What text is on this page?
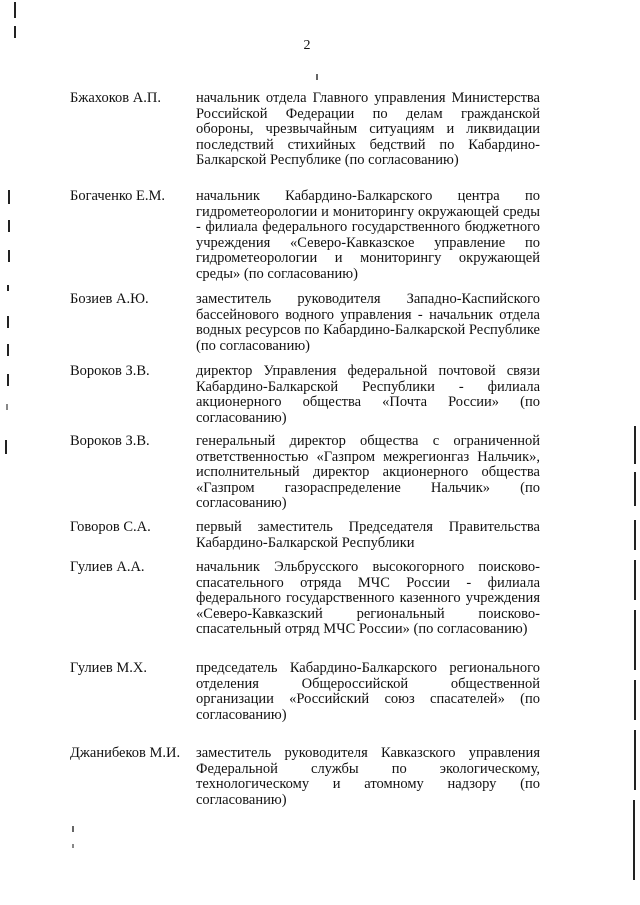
2
Бжахоков А.П. начальник отдела Главного управления Министерства Российской Федерации по делам гражданской обороны, чрезвычайным ситуациям и ликвидации последствий стихийных бедствий по Кабардино-Балкарской Республике (по согласованию)
Богаченко Е.М. начальник Кабардино-Балкарского центра по гидрометеорологии и мониторингу окружающей среды - филиала федерального государственного бюджетного учреждения «Северо-Кавказское управление по гидрометеорологии и мониторингу окружающей среды» (по согласованию)
Бозиев А.Ю.	заместитель руководителя Западно-Каспийского бассейнового водного управления - начальник отдела водных ресурсов по Кабардино-Балкарской Республике (по согласованию)
Вороков З.В.	директор Управления федеральной почтовой связи Кабардино-Балкарской Республики - филиала акционерного общества «Почта России» (по согласованию)
Вороков З.В.	генеральный директор общества с ограниченной ответственностью «Газпром межрегионгаз Нальчик», исполнительный директор акционерного общества «Газпром газораспределение Нальчик» (по согласованию)
Говоров С.А.	первый заместитель Председателя Правительства Кабардино-Балкарской Республики
Гулиев А.А.	начальник Эльбрусского высокогорного поисково-спасательного отряда МЧС России - филиала федерального государственного казенного учреждения «Северо-Кавказский региональный поисково-спасательный отряд МЧС России» (по согласованию)
Гулиев М.Х.	председатель Кабардино-Балкарского регионального отделения Общероссийской общественной организации «Российский союз спасателей» (по согласованию)
Джанибеков М.И. заместитель руководителя Кавказского управления Федеральной службы по экологическому, технологическому и атомному надзору (по согласованию)
